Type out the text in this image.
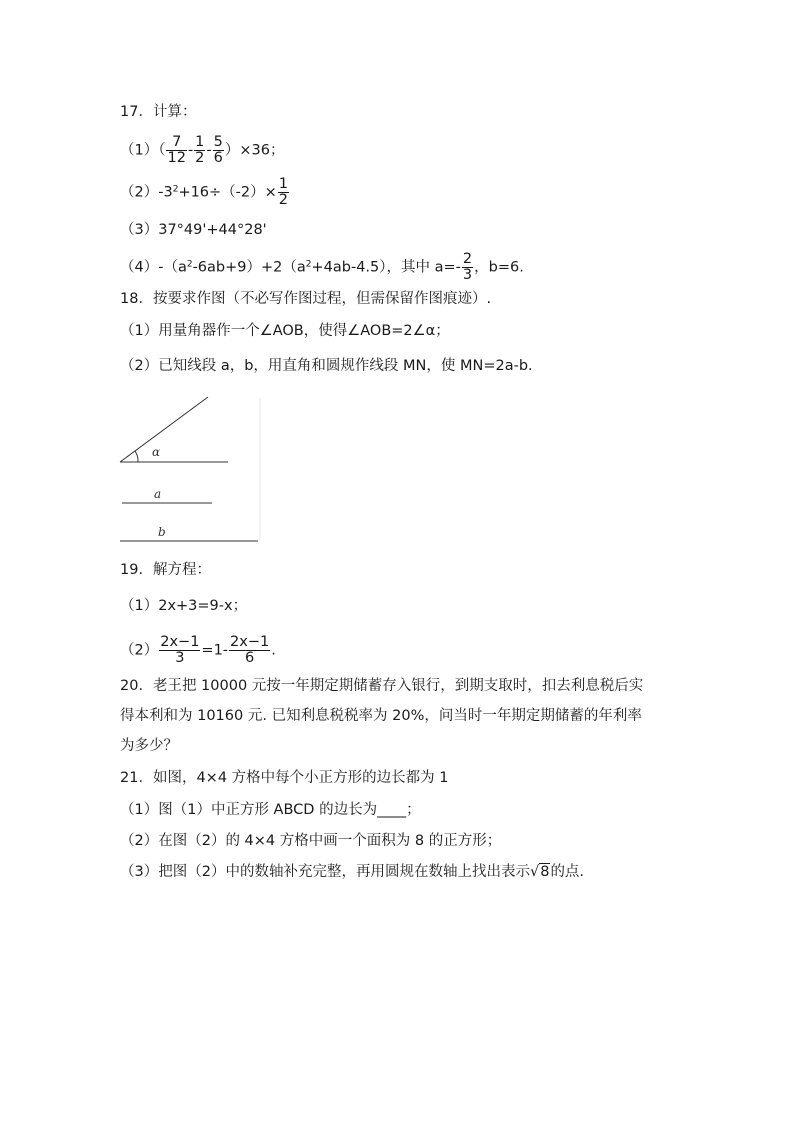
17．计算：
$(1)( \frac{7}{12} - \frac{1}{2} - \frac{5}{6} )\times 36$；
$(2)-3^2+16\div(-2)\times \frac{1}{2}$
（3）37°49'+44°28'
$(4)-(a^2-6ab+9)+2(a^2+4ab-4.5)$，其中 $a=- \frac{2}{3}$ ，b=6.
18．按要求作图（不必写作图过程，但需保留作图痕迹）.
（1）用量角器作一个∠AOB，使得∠AOB=2∠α；
（2）已知线段 a，b，用直角和圆规作线段 MN，使 MN=2a-b.
α
a
b
19．解方程：
（1）2x+3=9-x；
$(2) \frac{2x-1}{3} =1- \frac{2x-1}{6}$ .
20．老王把 10000 元按一年期定期储蓄存入银行，到期支取时，扣去利息税后实
得本利和为 10160 元. 已知利息税税率为 20%，问当时一年期定期储蓄的年利率
为多少？
21．如图，4×4 方格中每个小正方形的边长都为 1
（1）图（1）中正方形 ABCD 的边长为____；
（2）在图（2）的 4×4 方格中画一个面积为 8 的正方形；
（3）把图（2）中的数轴补充完整，再用圆规在数轴上找出表示√8的点.
